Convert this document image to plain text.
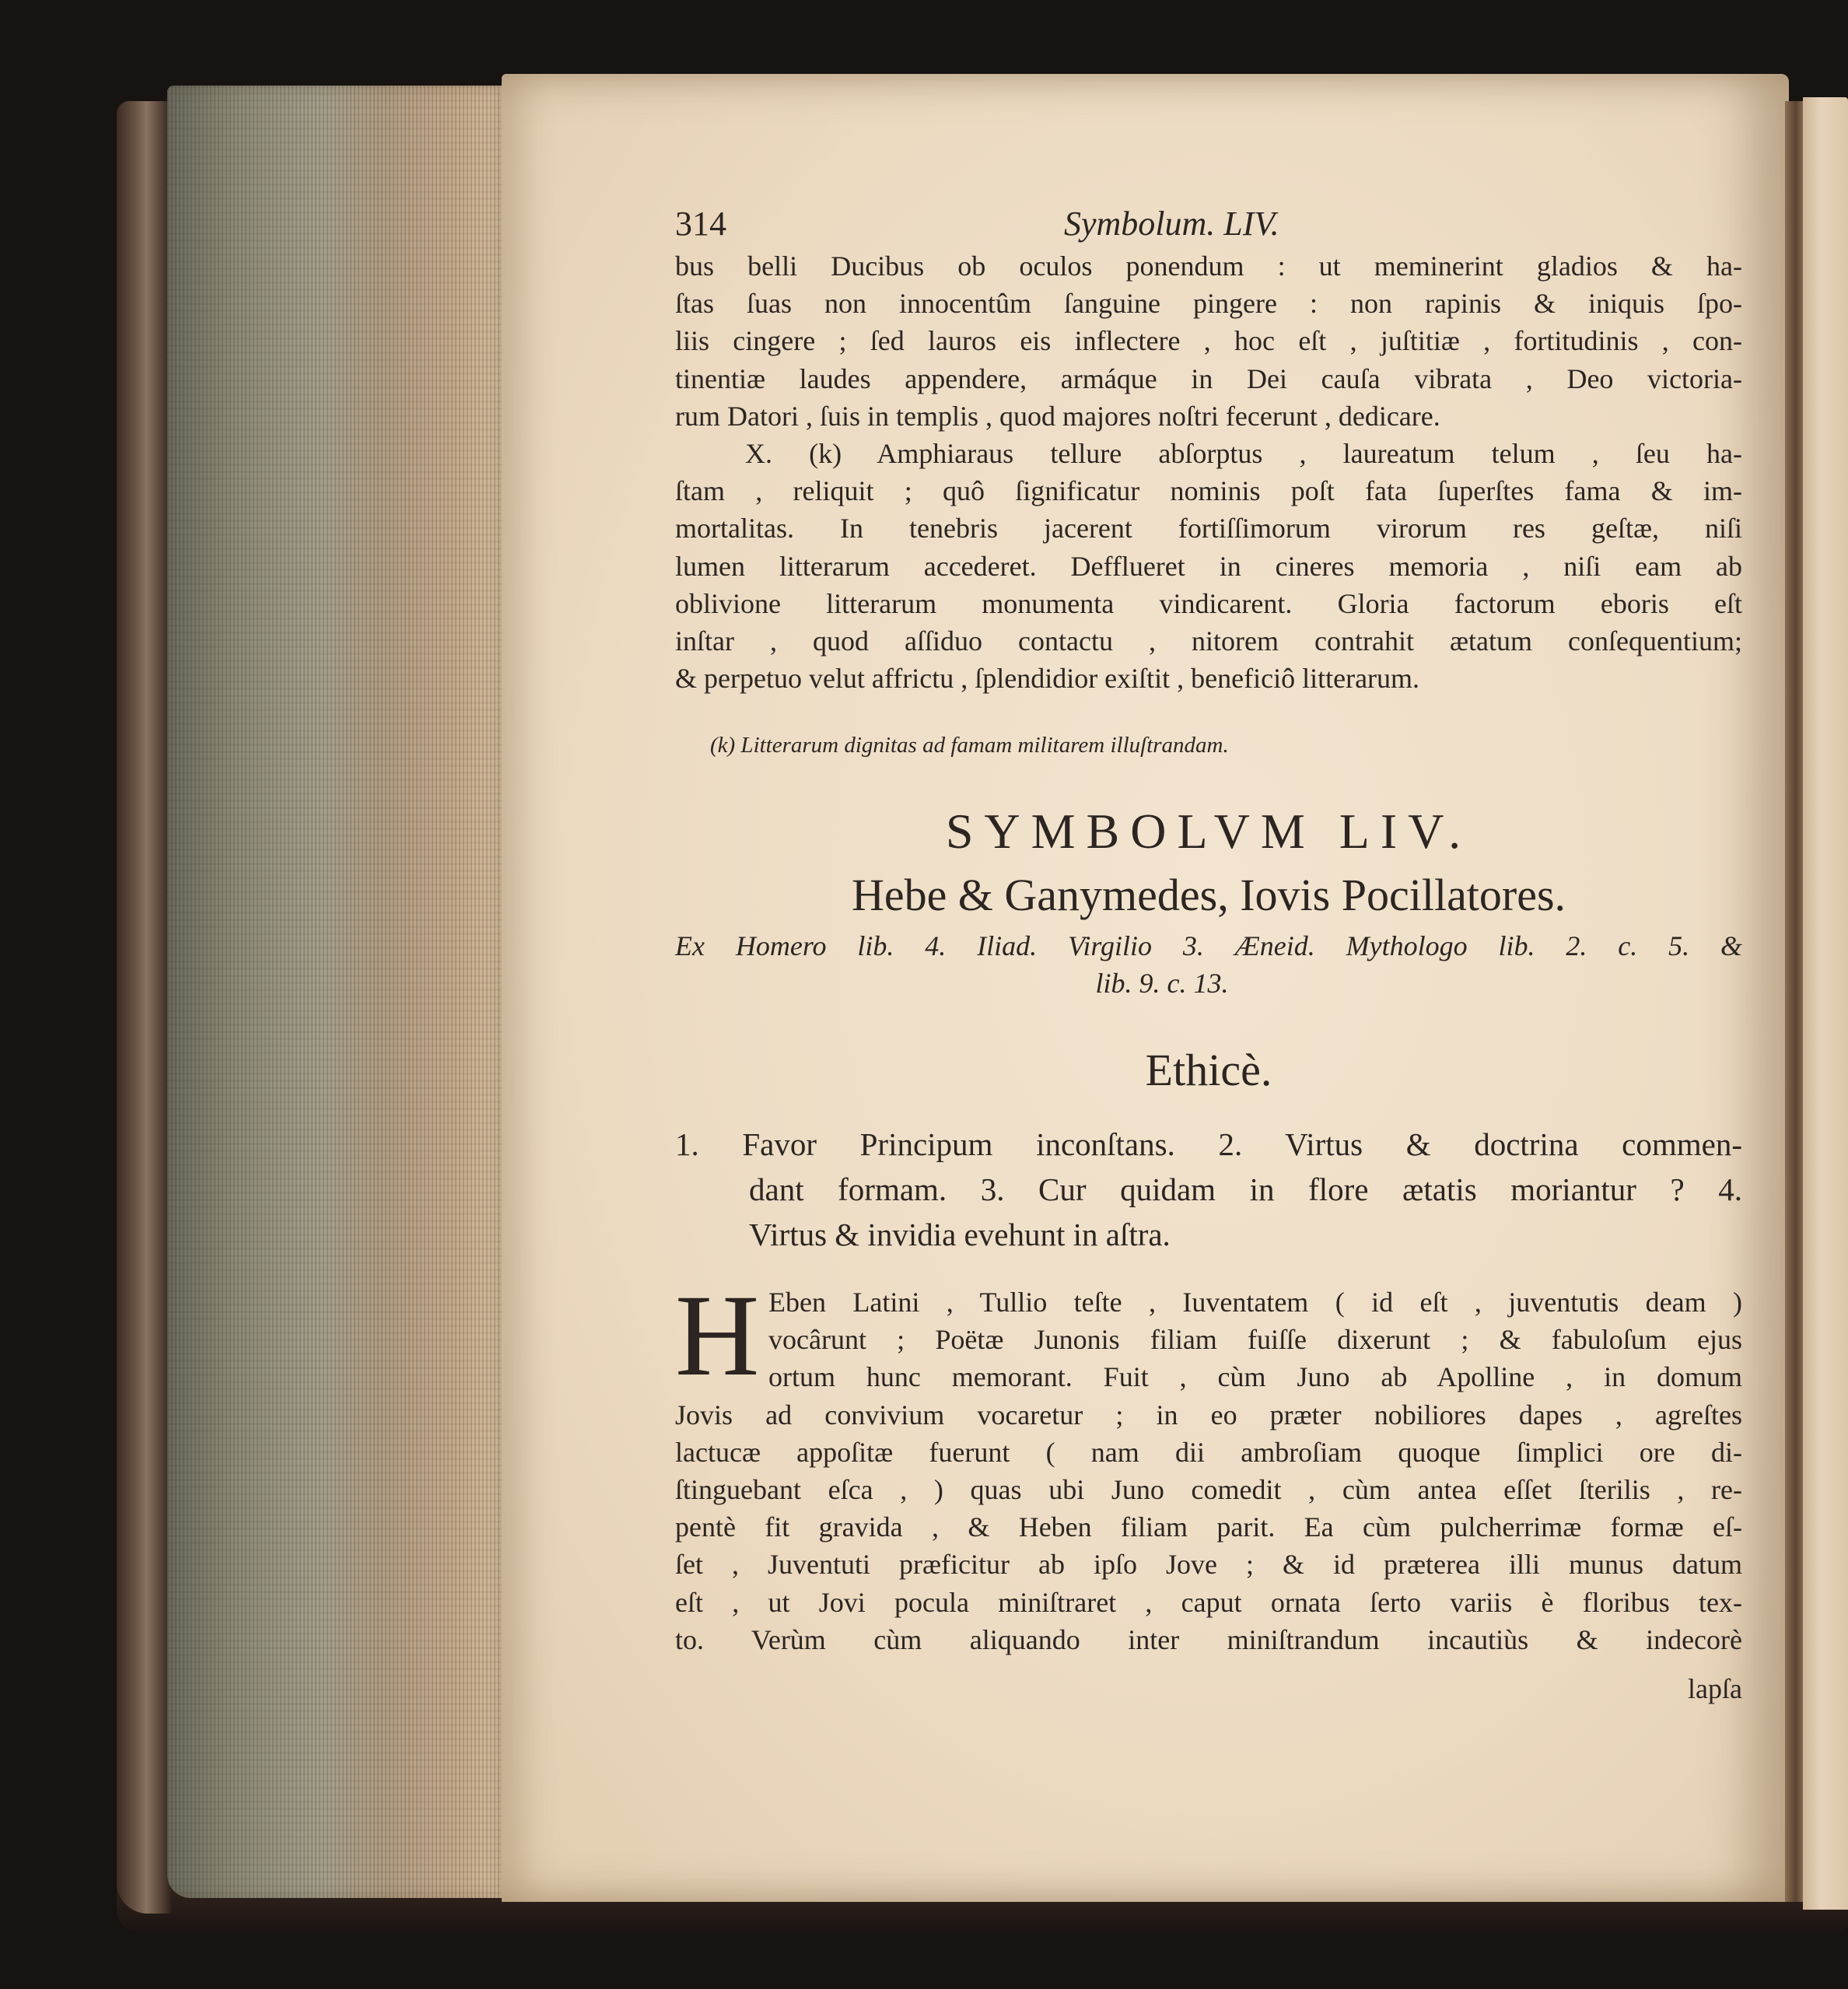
314	Symbolum. LIV.
bus belli Ducibus ob oculos ponendum : ut meminerint gladios & ha-
ſtas ſuas non innocentûm ſanguine pingere : non rapinis & iniquis ſpo-
liis cingere ; ſed lauros eis inflectere , hoc eſt , juſtitiæ , fortitudinis , con-
tinentiæ laudes appendere, armáque in Dei cauſa vibrata , Deo victoria-
rum Datori , ſuis in templis , quod majores noſtri fecerunt , dedicare.
X. (k) Amphiaraus tellure abſorptus , laureatum telum , ſeu ha-
ſtam , reliquit ; quô ſignificatur nominis poſt fata ſuperſtes fama & im-
mortalitas. In tenebris jacerent fortiſſimorum virorum res geſtæ, niſi
lumen litterarum accederet. Defflueret in cineres memoria , niſi eam ab
oblivione litterarum monumenta vindicarent. Gloria factorum eboris eſt
inſtar , quod aſſiduo contactu , nitorem contrahit ætatum conſequentium;
& perpetuo velut affrictu , ſplendidior exiſtit , beneficiô litterarum.
(k) Litterarum dignitas ad famam militarem illuſtrandam.
SYMBOLVM LIV.
Hebe & Ganymedes, Iovis Pocillatores.
Ex Homero lib. 4. Iliad. Virgilio 3. Æneid. Mythologo lib. 2. c. 5. &
lib. 9. c. 13.
Ethicè.
1. Favor Principum inconſtans. 2. Virtus & doctrina commen-
dant formam. 3. Cur quidam in flore ætatis moriantur ? 4.
Virtus & invidia evehunt in aſtra.
H Eben Latini , Tullio teſte , Iuventatem ( id eſt , juventutis deam )
vocârunt ; Poëtæ Junonis filiam fuiſſe dixerunt ; & fabuloſum ejus
ortum hunc memorant. Fuit , cùm Juno ab Apolline , in domum
Jovis ad convivium vocaretur ; in eo præter nobiliores dapes , agreſtes
lactucæ appoſitæ fuerunt ( nam dii ambroſiam quoque ſimplici ore di-
ſtinguebant eſca , ) quas ubi Juno comedit , cùm antea eſſet ſterilis , re-
pentè fit gravida , & Heben filiam parit. Ea cùm pulcherrimæ formæ eſ-
ſet , Juventuti præficitur ab ipſo Jove ; & id præterea illi munus datum
eſt , ut Jovi pocula miniſtraret , caput ornata ſerto variis è floribus tex-
to. Verùm cùm aliquando inter miniſtrandum incautiùs & indecorè
lapſa
